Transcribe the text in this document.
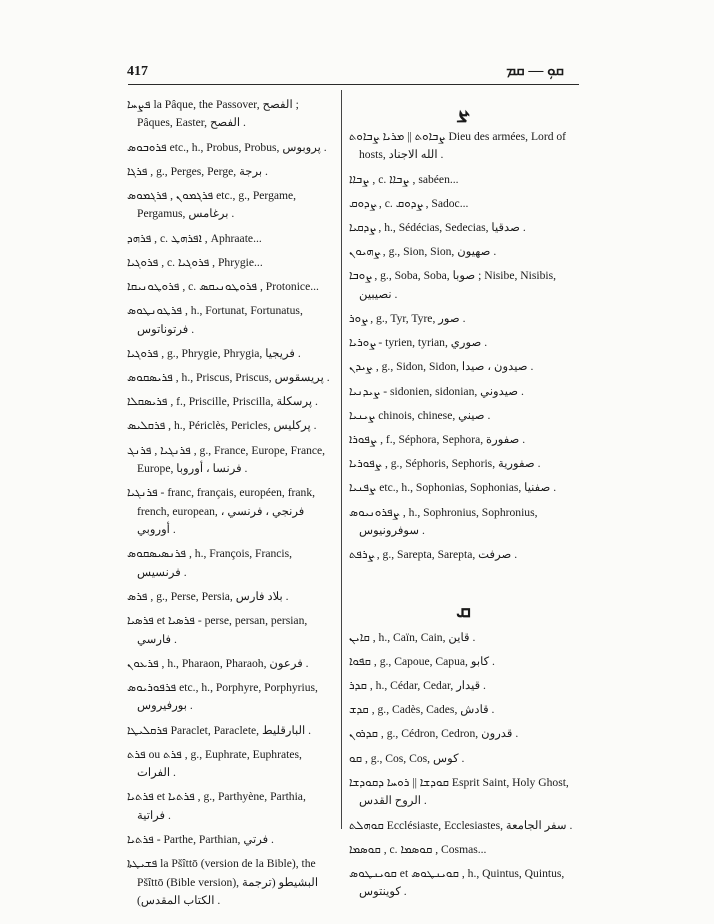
417	ܩܘܼ — ܩܡ

ܦܨܚܐ la Pâque, the Passover, الفصح ; Pâques, Easter, الفصح .

ܦܪܘܒܘܣ etc., h., Probus, Probus, پروبوس .

ܦܪܓܐ , g., Perges, Perge, برجة .

ܦܪܓܡܘܢ , ܦܪܓܡܘܣ etc., g., Pergame, Pergamus, برغامس .

ܦܪܗܕ , c. ܐܦܪܗܛ , Aphraate...

ܦܪܘܓܝܐ , c. ܦܪܘܓܝܐ , Phrygie...

ܦܪܘܛܘܢܝܩܐ , c. ܦܪܘܛܘܢܝܩܣ , Protonice...

ܦܪܛܘܢܛܘܣ , h., Fortunat, Fortunatus, فرتوناتوس .

ܦܪܘܓܝܐ , g., Phrygie, Phrygia, فريجيا .

ܦܪܝܣܩܘܣ , h., Priscus, Priscus, پريسقوس .

ܦܪܝܣܩܠܐ , f., Priscille, Priscilla, پرسكلة .

ܦܪܩܠܝܣ , h., Périclès, Pericles, پركليس .

ܦܪܢܓܝܐ , ܦܪܢܓ , g., France, Europe, France, Europe, فرنسا ، أوروبا .

ܦܪܢܓܝܐ - franc, français, européen, frank, french, european, فرنجي ، فرنسي ، أوروبي .

ܦܪܢܣܝܣܩܘܣ , h., François, Francis, فرنسيس .

ܦܪܣ , g., Perse, Persia, بلاد فارس .

ܦܪܣܝܐ et ܦܪܣܝܐ - perse, persan, persian, فارسي .

ܦܪܥܘܢ , h., Pharaon, Pharaoh, فرعون .

ܦܪܦܘܪܝܘܣ etc., h., Porphyre, Porphyrius, بورفيروس .

ܦܪܩܠܝܛܐ Paraclet, Paraclete, البارقليط .

ܦܪܬ ou ܦܪܬ , g., Euphrate, Euphrates, الفرات .

ܦܪܬܝܐ et ܦܪܬܝܐ , g., Parthyène, Parthia, فراتية .

ܦܪܬܝܐ - Parthe, Parthian, فرتي .

ܦܫܝܛܬܐ la Pšîttō (version de la Bible), the Pšîttō (Bible version), البشيطو (ترجمة الكتاب المقدس) .

ܨ

ܨܒܐܘܬ || ܡܪܝܐ ܨܒܐܘܬ Dieu des armées, Lord of hosts, الله الاجناد .

ܨܒܐܐ , c. ܨܒܐܐ , sabéen...

ܨܕܘܩ , c. ܨܕܘܩ , Sadoc...

ܨܕܩܝܐ , h., Sédécias, Sedecias, صدقيا .

ܨܗܝܘܢ , g., Sion, Sion, صهيون .

ܨܘܒܐ , g., Soba, Soba, صوبا ; Nisibe, Nisibis, نصيبين .

ܨܘܪ , g., Tyr, Tyre, صور .

ܨܘܪܝܐ - tyrien, tyrian, صوري .

ܨܝܕܢ , g., Sidon, Sidon, صيدون ، صيدا .

ܨܝܕܢܝܐ - sidonien, sidonian, صيدوني .

ܨܝܢܝܐ chinois, chinese, صيني .

ܨܦܘܪܐ , f., Séphora, Sephora, صفورة .

ܨܦܘܪܝܐ , g., Séphoris, Sephoris, صفورية .

ܨܦܢܝܐ etc., h., Sophonias, Sophonias, صفنيا .

ܨܦܪܘܢܝܘܣ , h., Sophronius, Sophronius, سوفرونيوس .

ܨܪܦܬ , g., Sarepta, Sarepta, صرفت .

ܩ

ܩܐܝܢ , h., Caïn, Cain, قاين .

ܩܦܘܐ , g., Capoue, Capua, كابو .

ܩܕܪ , h., Cédar, Cedar, قيدار .

ܩܕܫ , g., Cadès, Cades, قادش .

ܩܕܪܘܢ , g., Cédron, Cedron, قدرون .

ܩܘ , g., Cos, Cos, كوس .

ܩܘܕܫܐ || ܪܘܚܐ ܕܩܘܕܫܐ Esprit Saint, Holy Ghost, الروح القدس .

ܩܘܗܠܬ Ecclésiaste, Ecclesiastes, سفر الجامعة .

ܩܘܣܡܐ , c. ܩܘܣܡܐ , Cosmas...

ܩܘܝܢܛܘܣ et ܩܘܝܢܛܘܣ , h., Quintus, Quintus, كوينتوس .
